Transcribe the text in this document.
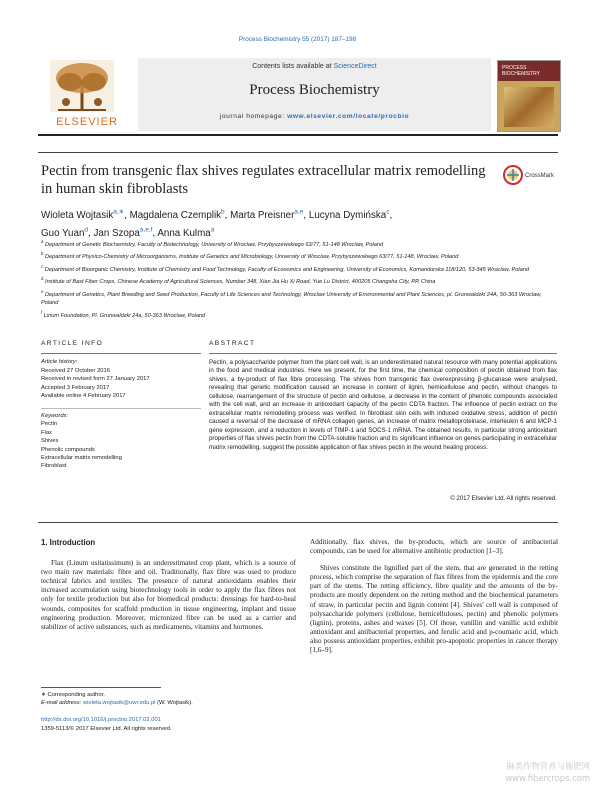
Process Biochemistry 55 (2017) 187–198
ELSEVIER
Contents lists available at ScienceDirect
Process Biochemistry
journal homepage: www.elsevier.com/locate/procbio
PROCESS
BIOCHEMISTRY
Pectin from transgenic flax shives regulates extracellular matrix remodelling in human skin fibroblasts
CrossMark
Wioleta Wojtasik$^{a,∗}$, Magdalena Czemplik$^b$, Marta Preisner$^{a,e}$, Lucyna Dymińska$^c$,
Guo Yuan$^d$, Jan Szopa$^{a,e,f}$, Anna Kulma$^a$

$^a$ Department of Genetic Biochemistry, Faculty of Biotechnology, University of Wroclaw, Przybyszewskiego 63/77, 51-148 Wroclaw, Poland

$^b$ Department of Physico-Chemistry of Microorganisms, Institute of Genetics and Microbiology, University of Wroclaw, Przybyszewskiego 63/77, 51-148, Wroclaw, Poland

$^c$ Department of Bioorganic Chemistry, Institute of Chemistry and Food Technology, Faculty of Economics and Engineering, University of Economics, Komandorska 118/120, 53-345 Wroclaw, Poland

$^d$ Institute of Bast Fiber Crops, Chinese Academy of Agricultural Sciences, Number 348, Xian Jia Hu Xi Road, Yue Lu District, 400205 Changsha City, PR China

$^e$ Department of Genetics, Plant Breeding and Seed Production, Faculty of Life Sciences and Technology, Wroclaw University of Environmental and Plant Sciences, pl. Grunwaldzki 24A, 50-363 Wroclaw, Poland

$^f$ Linum Foundation, Pl. Grunwaldzki 24a, 50-363 Wroclaw, Poland

ARTICLE INFO
Article history:
Received 27 October 2016
Received in revised form 27 January 2017
Accepted 3 February 2017
Available online 4 February 2017
Keywords:
Pectin
Flax
Shives
Phenolic compounds
Extracellular matrix remodelling
Fibroblast
ABSTRACT
Pectin, a polysaccharide polymer from the plant cell wall, is an underestimated natural resource with many potential applications in the food and medical industries. Here we present, for the first time, the chemical composition of pectin obtained from flax shives, a by-product of flax fibre processing. The shives from transgenic flax overexpressing β-glucanase were analysed, revealing that genetic modification caused an increase in content of lignin, hemicellulose and pectin, without changes to cellulose, rearrangement of the structure of pectin and cellulose, a decrease in the content of phenolic compounds associated with the cell wall, and an increase in antioxidant capacity of the pectin CDTA fraction. The influence of pectin extract on the extracellular matrix remodelling process was verified. In fibroblast skin cells with induced oxidative stress, addition of pectin caused a reversal of the decrease of mRNA collagen genes, an increase of matrix metalloproteinase, interleukin 6 and MCP-1 gene expression, and a reduction in levels of TIMP-1 and SOCS-1 mRNA. The obtained results, in particular strong antioxidant properties of flax shives pectin from the CDTA-soluble fraction and its significant influence on genes participating in extracellular matrix remodelling, suggest the possible application of flax shives pectin in the wound healing process.
© 2017 Elsevier Ltd. All rights reserved.
1. Introduction

Flax (Linum usitatissimum) is an underestimated crop plant, which is a source of two main raw materials: fibre and oil. Traditionally, flax fibre was used to produce technical fabrics and textiles. The presence of natural antioxidants enables their increased accumulation using biotechnology tools in order to apply the flax fibres not only for textile production but also for biomedical products: dressings for hard-to-heal wounds, composites for scaffold production in tissue engineering, implant and tissue engineering production. Moreover, micronized fibre can be used as a carrier and stabilizer of active substances, such as medicaments, vitamins and hormones.

Additionally, flax shives, the by-products, which are source of antibacterial compounds, can be used for alternative antibiotic production [1–3].

Shives constitute the lignified part of the stem, that are generated in the retting process, which comprise the separation of flax fibres from the epidermis and the core part of the stems. The retting efficiency, fibre quality and the amounts of the by-products are mostly dependent on the retting method and the biochemical parameters of straw, in particular pectin and lignin content [4]. Shives' cell wall is composed of polysaccharide polymers (cellulose, hemicelluloses, pectin) and phenolic polymers (lignin), proteins, ashes and waxes [5]. Of those, vanillin and vanillic acid exhibit antioxidant and antibacterial properties, and ferulic acid and p-coumaric acid, which also possess antioxidant properties, exhibit pro-apoptotic properties in cancer therapy [1,6–9].

∗ Corresponding author.
E-mail address: wioleta.wojtasik@uwr.edu.pl (W. Wojtasik).
http://dx.doi.org/10.1016/j.procbio.2017.02.001
1359-5113/© 2017 Elsevier Ltd. All rights reserved.
麻类作物营养与施肥网
www.fibercrops.com
